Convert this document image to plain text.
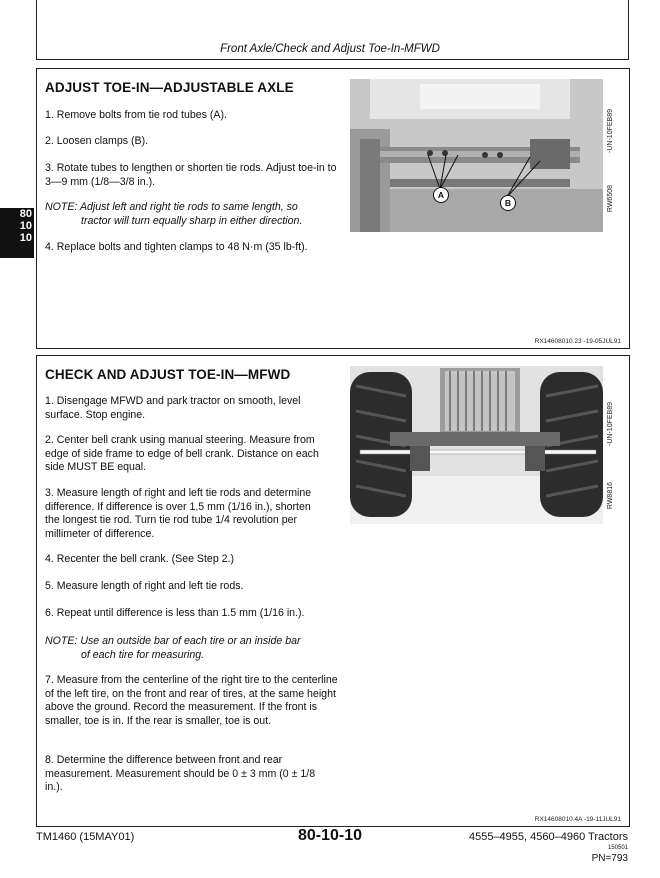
Front Axle/Check and Adjust Toe-In-MFWD
80
10
10
ADJUST TOE-IN—ADJUSTABLE AXLE
1. Remove bolts from tie rod tubes (A).
2. Loosen clamps (B).
3. Rotate tubes to lengthen or shorten tie rods. Adjust toe-in to 3—9 mm (1/8—3/8 in.).
NOTE: Adjust left and right tie rods to same length, so
tractor will turn equally sharp in either direction.
4. Replace bolts and tighten clamps to 48 N·m (35 lb-ft).
A
B	RW6508
-UN-10FEB89
RX14608010.23 -19-05JUL91
CHECK AND ADJUST TOE-IN—MFWD
1. Disengage MFWD and park tractor on smooth, level surface. Stop engine.
2. Center bell crank using manual steering. Measure from edge of side frame to edge of bell crank. Distance on each side MUST BE equal.
3. Measure length of right and left tie rods and determine difference. If difference is over 1.5 mm (1/16 in.), shorten the longest tie rod. Turn tie rod tube 1/4 revolution per millimeter of difference.
4. Recenter the bell crank. (See Step 2.)
5. Measure length of right and left tie rods.
6. Repeat until difference is less than 1.5 mm (1/16 in.).
NOTE: Use an outside bar of each tire or an inside bar
of each tire for measuring.
7. Measure from the centerline of the right tire to the centerline of the left tire, on the front and rear of tires, at the same height above the ground. Record the measurement. If the front is smaller, toe is in. If the rear is smaller, toe is out.
8. Determine the difference between front and rear measurement. Measurement should be 0 ± 3 mm (0 ± 1/8 in.).
RW8816
-UN-10FEB89
RX14608010.4A -19-11JUL91
TM1460 (15MAY01)	80-10-10	4555–4955, 4560–4960 Tractors
150501
PN=793
